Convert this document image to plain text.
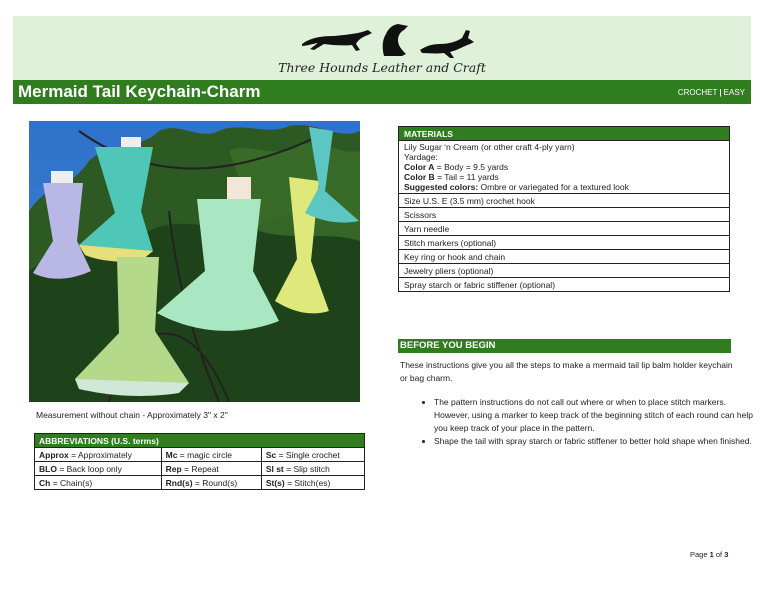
Three Hounds Leather and Craft
Mermaid Tail Keychain-Charm	CROCHET | EASY
Measurement without chain - Approximately 3" x 2"
ABBREVIATIONS (U.S. terms)		
Approx = Approximately	Mc = magic circle	Sc = Single crochet
BLO = Back loop only	Rep = Repeat	Sl st = Slip stitch
Ch = Chain(s)	Rnd(s) = Round(s)	St(s) = Stitch(es)
MATERIALS

Lily Sugar ‘n Cream (or other craft 4-ply yarn)
Yardage:
Color A = Body = 9.5 yards
Color B = Tail = 11 yards
Suggested colors: Ombre or variegated for a textured look

Size U.S. E (3.5 mm) crochet hook
Scissors
Yarn needle
Stitch markers (optional)
Key ring or hook and chain
Jewelry pliers (optional)
Spray starch or fabric stiffener (optional)
BEFORE YOU BEGIN
These instructions give you all the steps to make a mermaid tail lip balm holder keychain or bag charm.
• The pattern instructions do not call out where or when to place stitch markers. However, using a marker to keep track of the beginning stitch of each round can help you keep track of your place in the pattern.
• Shape the tail with spray starch or fabric stiffener to better hold shape when finished.
Page 1 of 3
